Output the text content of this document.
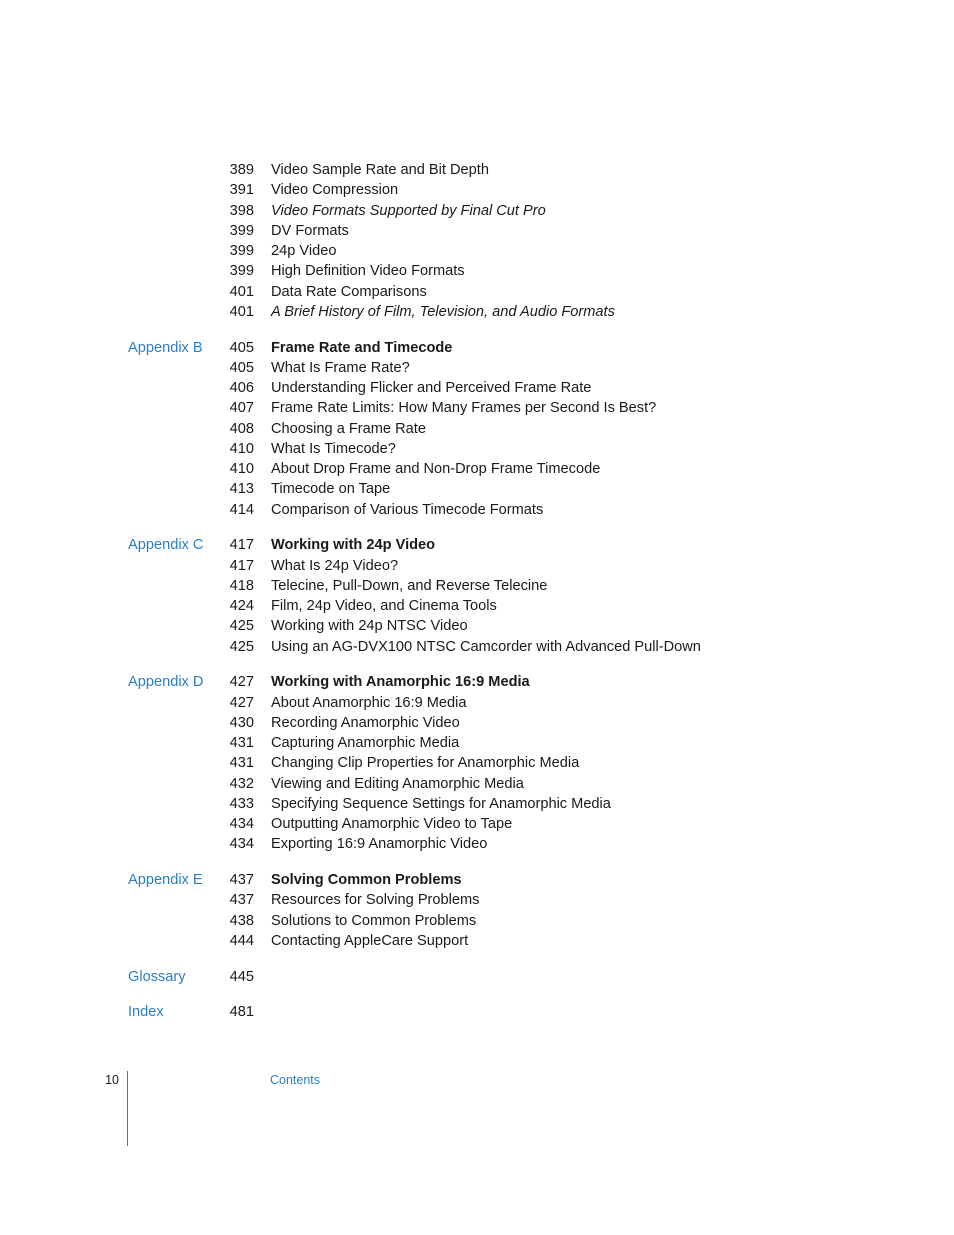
389 Video Sample Rate and Bit Depth
391 Video Compression
398 Video Formats Supported by Final Cut Pro
399 DV Formats
399 24p Video
399 High Definition Video Formats
401 Data Rate Comparisons
401 A Brief History of Film, Television, and Audio Formats
Appendix B	405 Frame Rate and Timecode
405 What Is Frame Rate?
406 Understanding Flicker and Perceived Frame Rate
407 Frame Rate Limits: How Many Frames per Second Is Best?
408 Choosing a Frame Rate
410 What Is Timecode?
410 About Drop Frame and Non-Drop Frame Timecode
413 Timecode on Tape
414 Comparison of Various Timecode Formats
Appendix C	417 Working with 24p Video
417 What Is 24p Video?
418 Telecine, Pull-Down, and Reverse Telecine
424 Film, 24p Video, and Cinema Tools
425 Working with 24p NTSC Video
425 Using an AG-DVX100 NTSC Camcorder with Advanced Pull-Down
Appendix D	427 Working with Anamorphic 16:9 Media
427 About Anamorphic 16:9 Media
430 Recording Anamorphic Video
431 Capturing Anamorphic Media
431 Changing Clip Properties for Anamorphic Media
432 Viewing and Editing Anamorphic Media
433 Specifying Sequence Settings for Anamorphic Media
434 Outputting Anamorphic Video to Tape
434 Exporting 16:9 Anamorphic Video
Appendix E	437 Solving Common Problems
437 Resources for Solving Problems
438 Solutions to Common Problems
444 Contacting AppleCare Support
Glossary	445
Index	481
10	Contents
